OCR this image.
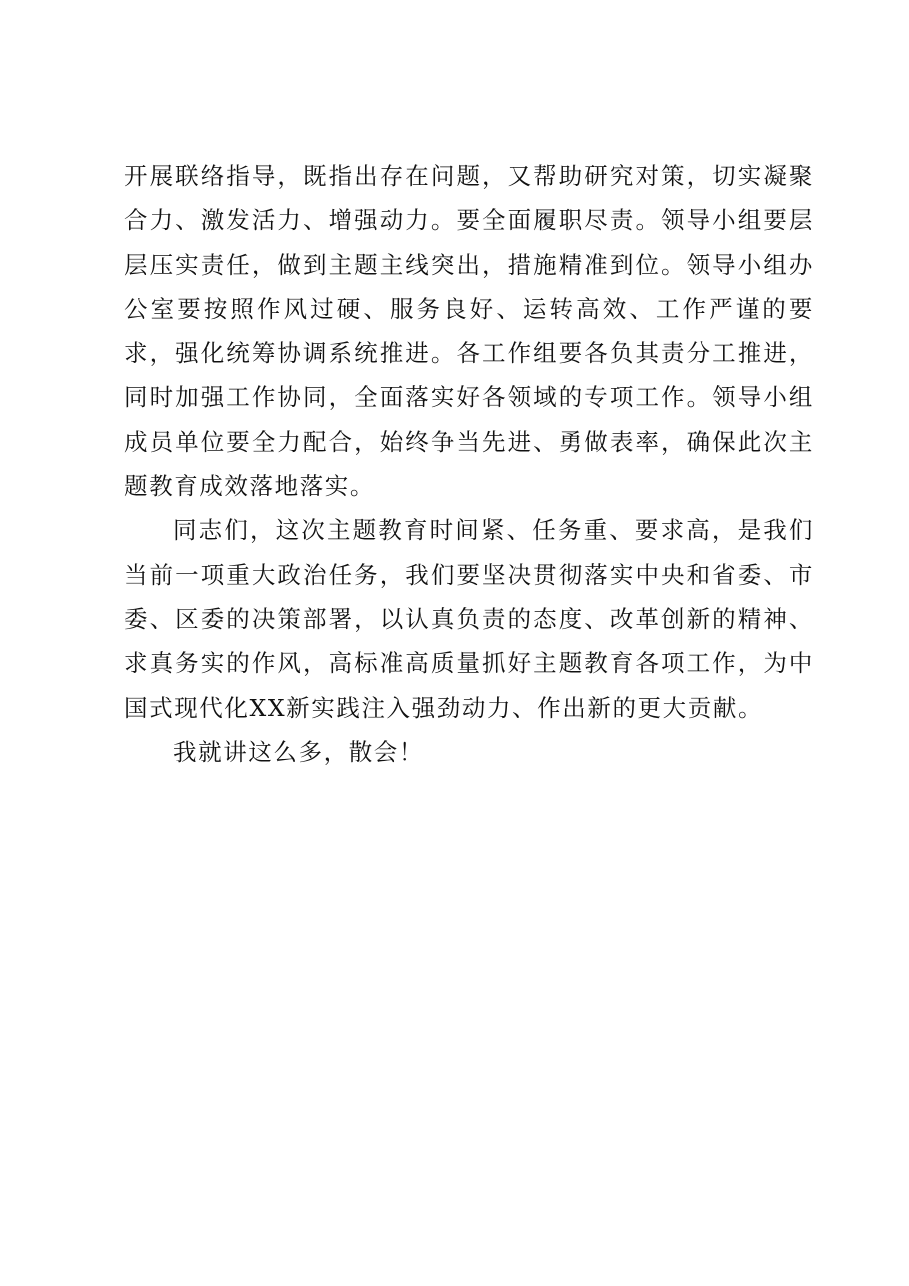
开展联络指导，既指出存在问题，又帮助研究对策，切实凝聚合力、激发活力、增强动力。要全面履职尽责。领导小组要层层压实责任，做到主题主线突出，措施精准到位。领导小组办公室要按照作风过硬、服务良好、运转高效、工作严谨的要求，强化统筹协调系统推进。各工作组要各负其责分工推进，同时加强工作协同，全面落实好各领域的专项工作。领导小组成员单位要全力配合，始终争当先进、勇做表率，确保此次主题教育成效落地落实。

同志们，这次主题教育时间紧、任务重、要求高，是我们当前一项重大政治任务，我们要坚决贯彻落实中央和省委、市委、区委的决策部署，以认真负责的态度、改革创新的精神、求真务实的作风，高标准高质量抓好主题教育各项工作，为中国式现代化XX新实践注入强劲动力、作出新的更大贡献。

我就讲这么多，散会！
